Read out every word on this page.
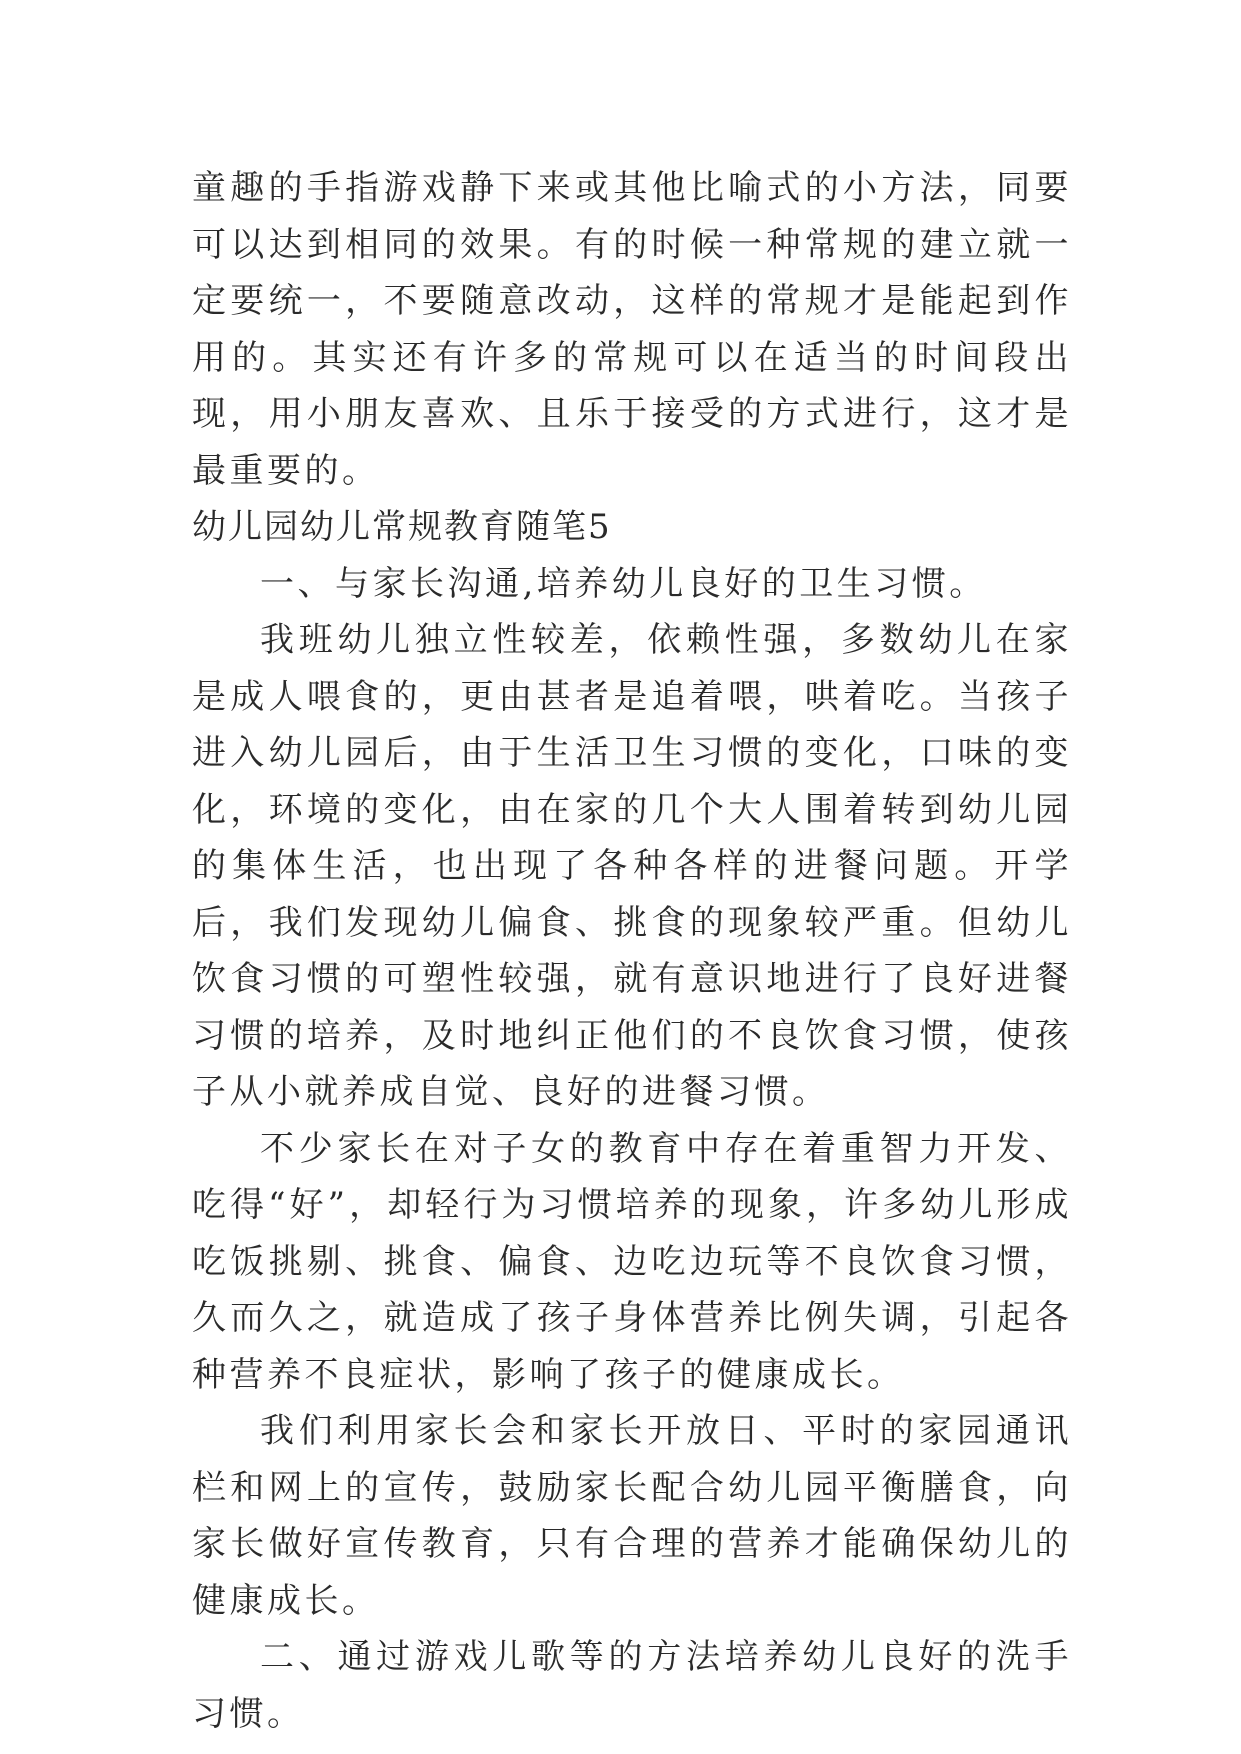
童趣的手指游戏静下来或其他比喻式的小方法，同要可以达到相同的效果。有的时候一种常规的建立就一定要统一，不要随意改动，这样的常规才是能起到作用的。其实还有许多的常规可以在适当的时间段出现，用小朋友喜欢、且乐于接受的方式进行，这才是最重要的。

幼儿园幼儿常规教育随笔5

一、与家长沟通,培养幼儿良好的卫生习惯。

我班幼儿独立性较差，依赖性强，多数幼儿在家是成人喂食的，更由甚者是追着喂，哄着吃。当孩子进入幼儿园后，由于生活卫生习惯的变化，口味的变化，环境的变化，由在家的几个大人围着转到幼儿园的集体生活，也出现了各种各样的进餐问题。开学后，我们发现幼儿偏食、挑食的现象较严重。但幼儿饮食习惯的可塑性较强，就有意识地进行了良好进餐习惯的培养，及时地纠正他们的不良饮食习惯，使孩子从小就养成自觉、良好的进餐习惯。

不少家长在对子女的教育中存在着重智力开发、吃得“好”，却轻行为习惯培养的现象，许多幼儿形成吃饭挑剔、挑食、偏食、边吃边玩等不良饮食习惯，久而久之，就造成了孩子身体营养比例失调，引起各种营养不良症状，影响了孩子的健康成长。

我们利用家长会和家长开放日、平时的家园通讯栏和网上的宣传，鼓励家长配合幼儿园平衡膳食，向家长做好宣传教育，只有合理的营养才能确保幼儿的健康成长。

二、通过游戏儿歌等的方法培养幼儿良好的洗手习惯。
